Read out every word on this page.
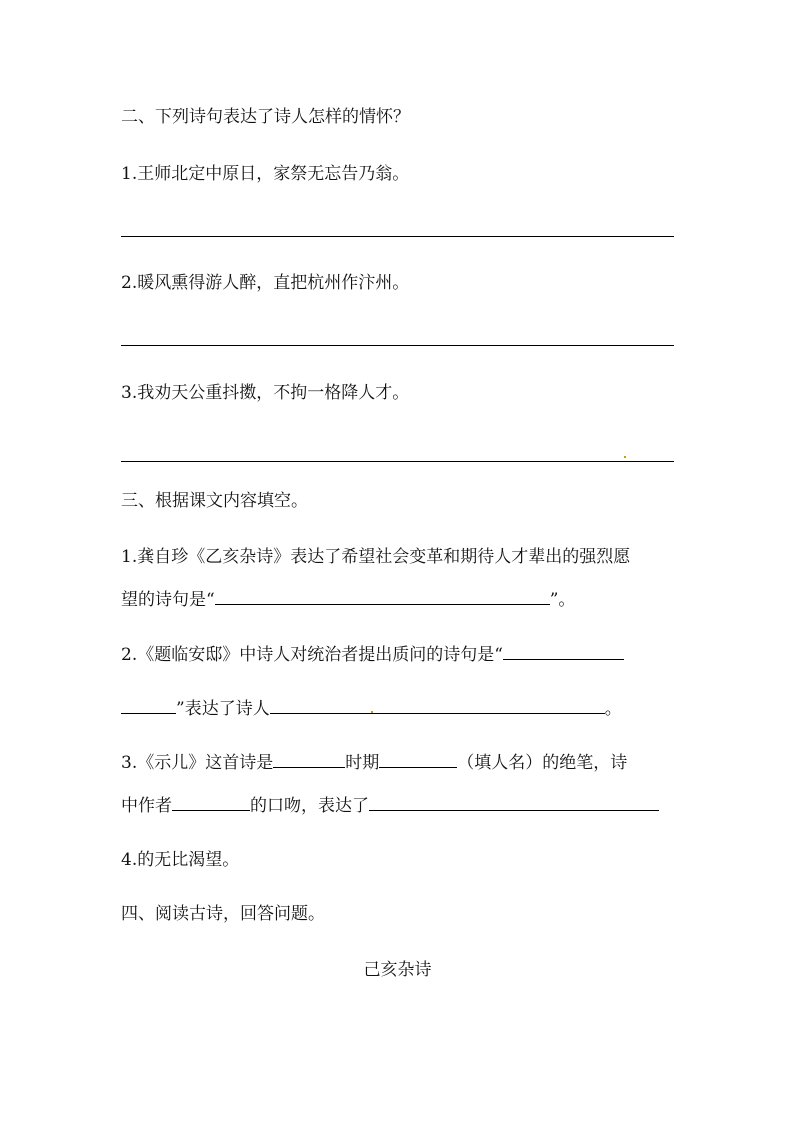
二、下列诗句表达了诗人怎样的情怀？
1.王师北定中原日，家祭无忘告乃翁。
2.暖风熏得游人醉，直把杭州作汴州。
3.我劝天公重抖擞，不拘一格降人才。
三、根据课文内容填空。
1.龚自珍《乙亥杂诗》表达了希望社会变革和期待人才辈出的强烈愿
望的诗句是“	”。
2.《题临安邸》中诗人对统治者提出质问的诗句是“
”表达了诗人	。
3.《示儿》这首诗是	时期	（填人名）的绝笔，诗
中作者	的口吻，表达了
4.的无比渴望。
四、阅读古诗，回答问题。
己亥杂诗
